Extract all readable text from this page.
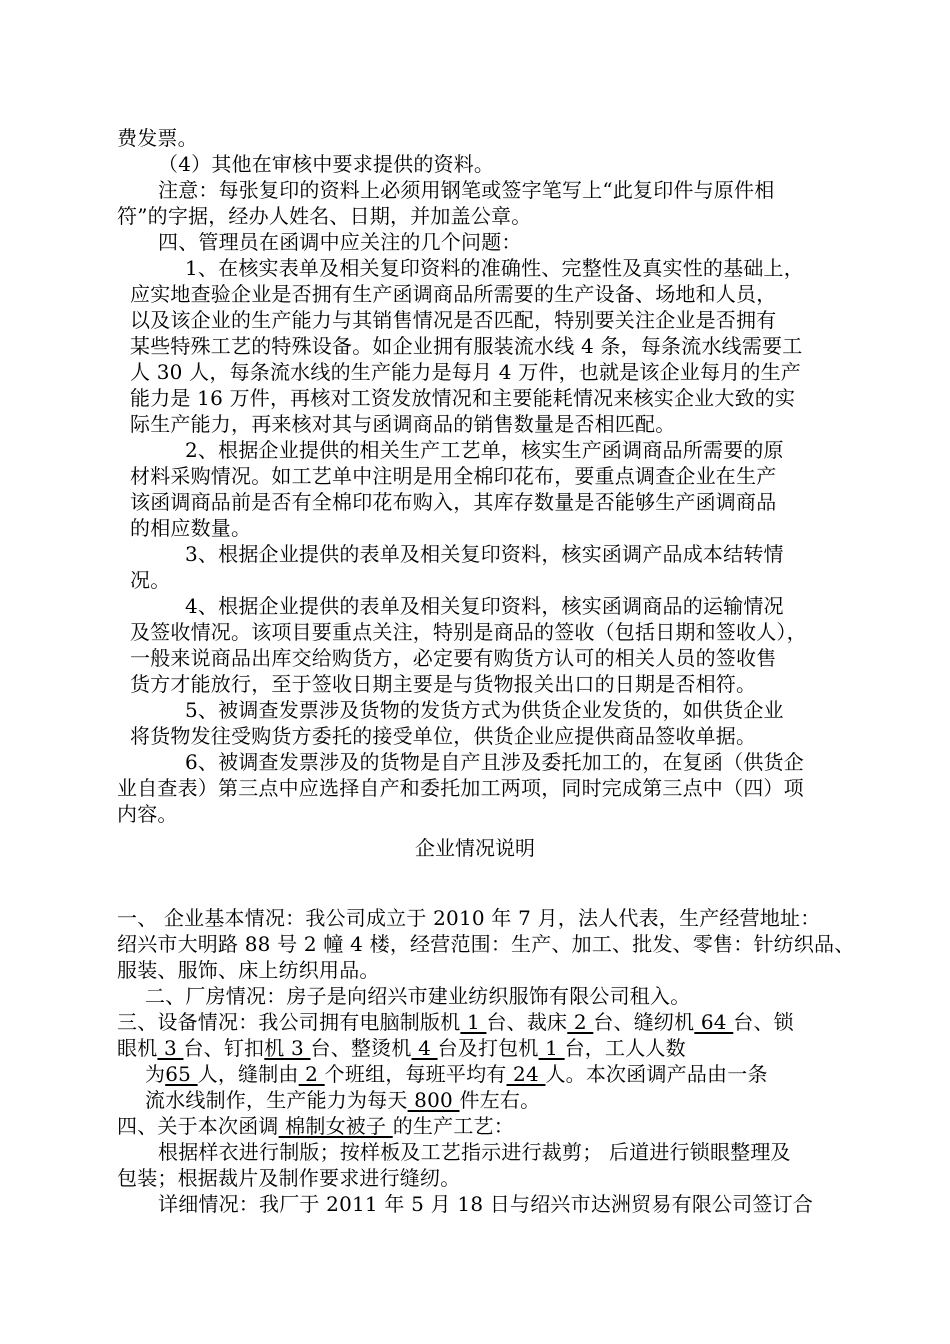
费发票。
（4）其他在审核中要求提供的资料。
注意：每张复印的资料上必须用钢笔或签字笔写上“此复印件与原件相
符”的字据，经办人姓名、日期，并加盖公章。
四、管理员在函调中应关注的几个问题：
1、在核实表单及相关复印资料的准确性、完整性及真实性的基础上，
应实地查验企业是否拥有生产函调商品所需要的生产设备、场地和人员，
以及该企业的生产能力与其销售情况是否匹配，特别要关注企业是否拥有
某些特殊工艺的特殊设备。如企业拥有服装流水线 4 条，每条流水线需要工
人 30 人，每条流水线的生产能力是每月 4 万件，也就是该企业每月的生产
能力是 16 万件，再核对工资发放情况和主要能耗情况来核实企业大致的实
际生产能力，再来核对其与函调商品的销售数量是否相匹配。
2、根据企业提供的相关生产工艺单，核实生产函调商品所需要的原
材料采购情况。如工艺单中注明是用全棉印花布，要重点调查企业在生产
该函调商品前是否有全棉印花布购入，其库存数量是否能够生产函调商品
的相应数量。
3、根据企业提供的表单及相关复印资料，核实函调产品成本结转情
况。
4、根据企业提供的表单及相关复印资料，核实函调商品的运输情况
及签收情况。该项目要重点关注，特别是商品的签收（包括日期和签收人），
一般来说商品出库交给购货方，必定要有购货方认可的相关人员的签收售
货方才能放行，至于签收日期主要是与货物报关出口的日期是否相符。
5、被调查发票涉及货物的发货方式为供货企业发货的，如供货企业
将货物发往受购货方委托的接受单位，供货企业应提供商品签收单据。
6、被调查发票涉及的货物是自产且涉及委托加工的，在复函（供货企
业自查表）第三点中应选择自产和委托加工两项，同时完成第三点中（四）项
内容。
企业情况说明
一、 企业基本情况：我公司成立于 2010 年 7 月，法人代表，生产经营地址：
绍兴市大明路 88 号 2 幢 4 楼，经营范围：生产、加工、批发、零售：针纺织品、
服装、服饰、床上纺织用品。
二、厂房情况：房子是向绍兴市建业纺织服饰有限公司租入。
三、设备情况：我公司拥有电脑制版机 1 台、裁床 2 台、缝纫机 64 台、锁
眼机 3 台、钉扣机 3 台、整烫机 4 台及打包机 1 台，工人人数
为65 人，缝制由 2 个班组，每班平均有 24 人。本次函调产品由一条
流水线制作，生产能力为每天 800 件左右。
四、关于本次函调 棉制女被子 的生产工艺：
根据样衣进行制版；按样板及工艺指示进行裁剪； 后道进行锁眼整理及
包装；根据裁片及制作要求进行缝纫。
详细情况：我厂于 2011 年 5 月 18 日与绍兴市达洲贸易有限公司签订合
